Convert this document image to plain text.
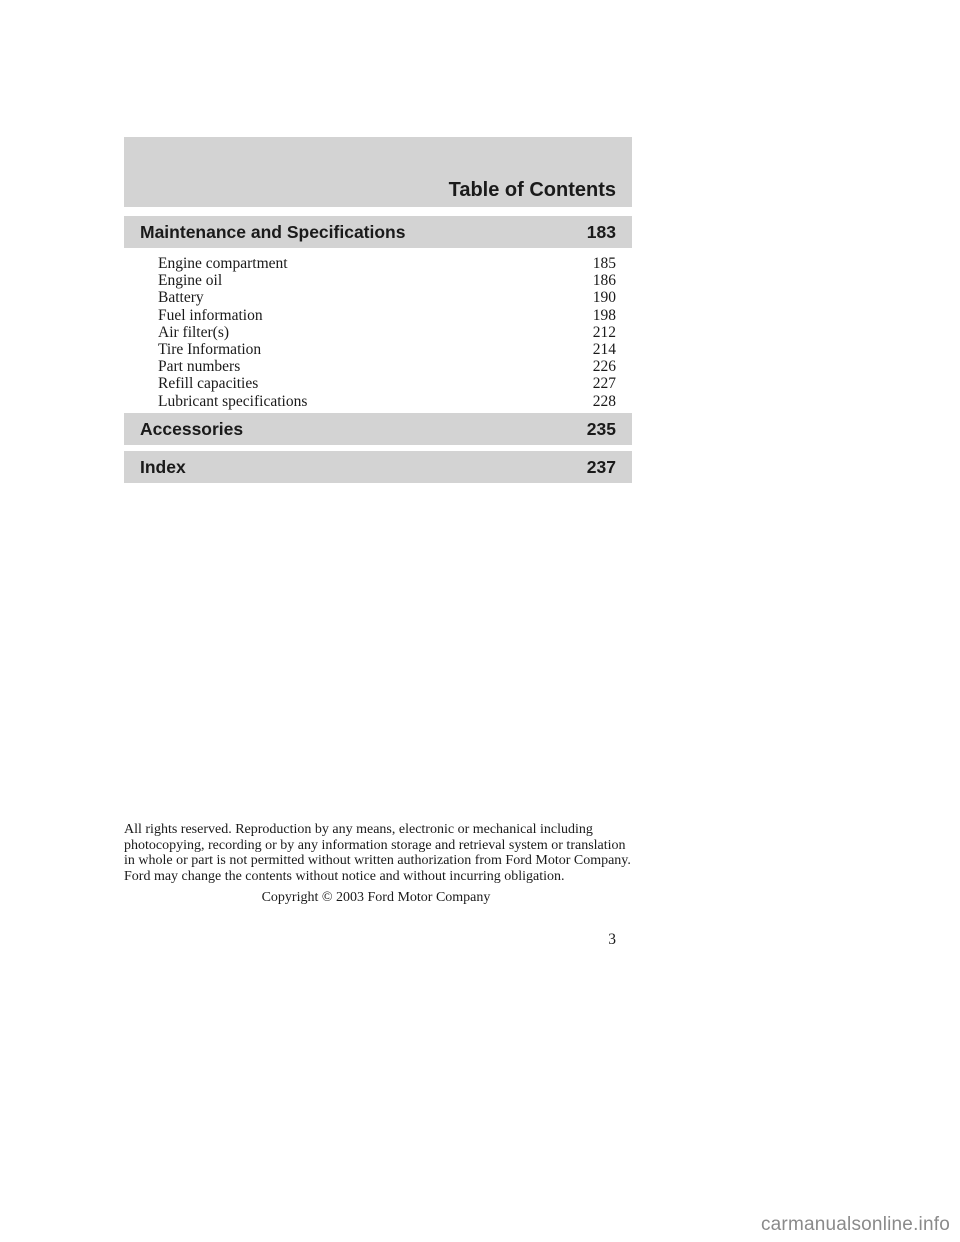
Table of Contents
Maintenance and Specifications	183
Engine compartment	185
Engine oil	186
Battery	190
Fuel information	198
Air filter(s)	212
Tire Information	214
Part numbers	226
Refill capacities	227
Lubricant specifications	228
Accessories	235
Index	237

All rights reserved. Reproduction by any means, electronic or mechanical including photocopying, recording or by any information storage and retrieval system or translation in whole or part is not permitted without written authorization from Ford Motor Company. Ford may change the contents without notice and without incurring obligation.

Copyright © 2003 Ford Motor Company

3
carmanualsonline.info
